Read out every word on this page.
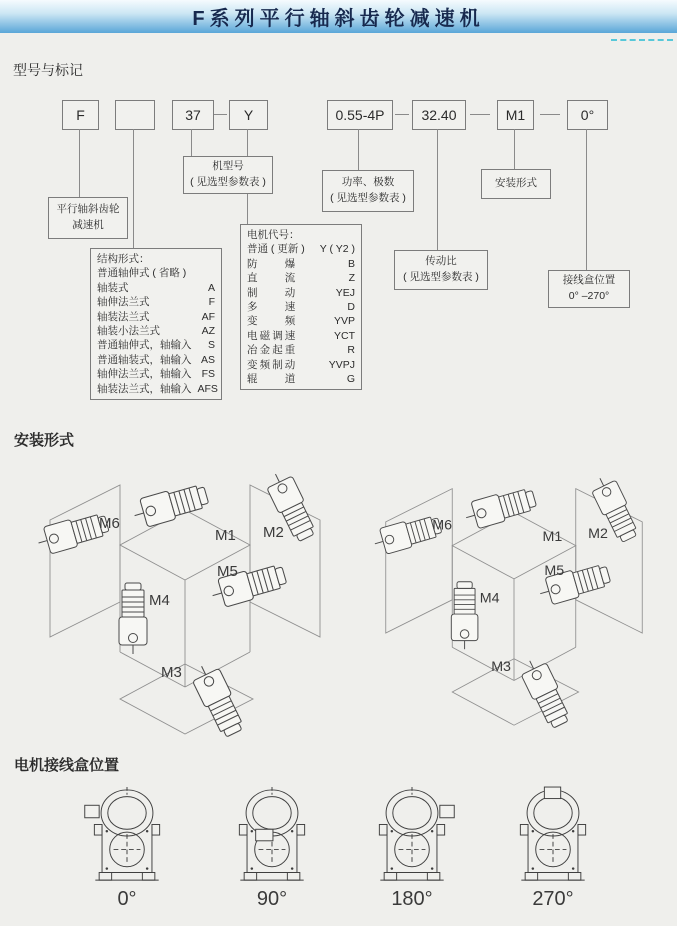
F系列平行轴斜齿轮减速机
型号与标记
F	37	Y	0.55-4P	32.40	M1	0°
平行轴斜齿轮
减速机
机型号
( 见选型参数表 )	功率、极数
( 见选型参数表 )
传动比
( 见选型参数表 )
安装形式
接线盒位置
0° –270°
结构形式：
普通轴伸式 ( 省略 )
轴装式	A
轴伸法兰式	F
轴装法兰式	AF
轴装小法兰式	AZ
普通轴伸式，轴输入 S
普通轴装式，轴输入 AS
轴伸法兰式，轴输入 FS
轴装法兰式，轴输入 AFS
电机代号：
普通 ( 更新 ) Y ( Y2 )
防爆	B
直流	Z
制动	YEJ
多速	D
变频	YVP
电磁调速	YCT
冶金起重	R
变频制动	YVPJ
辊道	G
安装形式
M1 M2
M3
M4
M5
M6
M1 M2
M3
M4
M5
M6
电机接线盒位置
0°	90°	180°	270°
